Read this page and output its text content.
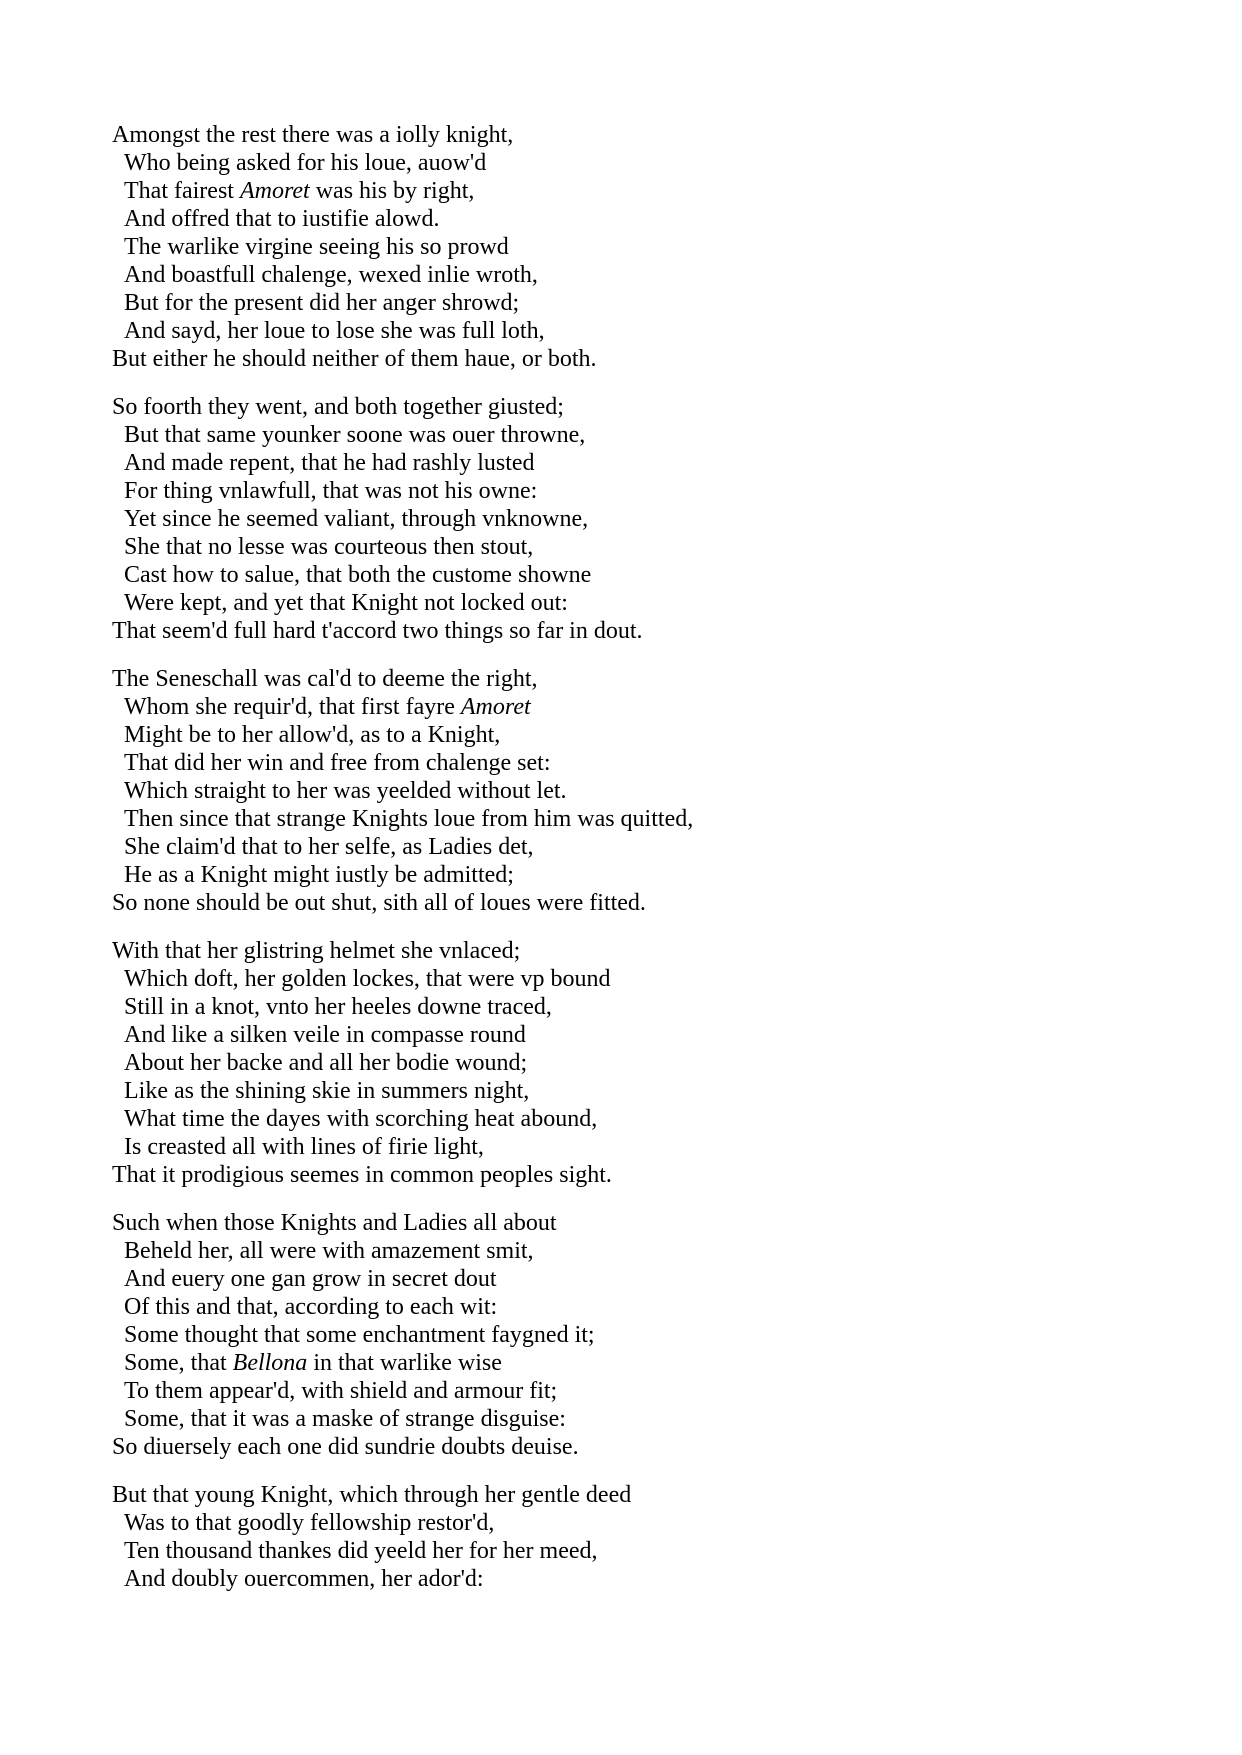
Amongst the rest there was a iolly knight,
Who being asked for his loue, auow'd
That fairest Amoret was his by right,
And offred that to iustifie alowd.
The warlike virgine seeing his so prowd
And boastfull chalenge, wexed inlie wroth,
But for the present did her anger shrowd;
And sayd, her loue to lose she was full loth,
But either he should neither of them haue, or both.
So foorth they went, and both together giusted;
But that same younker soone was ouer throwne,
And made repent, that he had rashly lusted
For thing vnlawfull, that was not his owne:
Yet since he seemed valiant, through vnknowne,
She that no lesse was courteous then stout,
Cast how to salue, that both the custome showne
Were kept, and yet that Knight not locked out:
That seem'd full hard t'accord two things so far in dout.
The Seneschall was cal'd to deeme the right,
Whom she requir'd, that first fayre Amoret
Might be to her allow'd, as to a Knight,
That did her win and free from chalenge set:
Which straight to her was yeelded without let.
Then since that strange Knights loue from him was quitted,
She claim'd that to her selfe, as Ladies det,
He as a Knight might iustly be admitted;
So none should be out shut, sith all of loues were fitted.
With that her glistring helmet she vnlaced;
Which doft, her golden lockes, that were vp bound
Still in a knot, vnto her heeles downe traced,
And like a silken veile in compasse round
About her backe and all her bodie wound;
Like as the shining skie in summers night,
What time the dayes with scorching heat abound,
Is creasted all with lines of firie light,
That it prodigious seemes in common peoples sight.
Such when those Knights and Ladies all about
Beheld her, all were with amazement smit,
And euery one gan grow in secret dout
Of this and that, according to each wit:
Some thought that some enchantment faygned it;
Some, that Bellona in that warlike wise
To them appear'd, with shield and armour fit;
Some, that it was a maske of strange disguise:
So diuersely each one did sundrie doubts deuise.
But that young Knight, which through her gentle deed
Was to that goodly fellowship restor'd,
Ten thousand thankes did yeeld her for her meed,
And doubly ouercommen, her ador'd:
